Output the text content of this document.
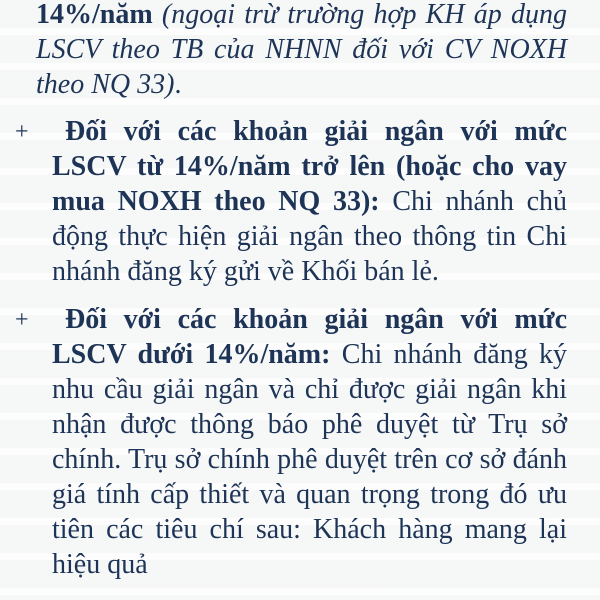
14%/năm (ngoại trừ trường hợp KH áp dụng LSCV theo TB của NHNN đối với CV NOXH theo NQ 33).

+	Đối với các khoản giải ngân với mức LSCV từ 14%/năm trở lên (hoặc cho vay mua NOXH theo NQ 33): Chi nhánh chủ động thực hiện giải ngân theo thông tin Chi nhánh đăng ký gửi về Khối bán lẻ.
+	Đối với các khoản giải ngân với mức LSCV dưới 14%/năm: Chi nhánh đăng ký nhu cầu giải ngân và chỉ được giải ngân khi nhận được thông báo phê duyệt từ Trụ sở chính. Trụ sở chính phê duyệt trên cơ sở đánh giá tính cấp thiết và quan trọng trong đó ưu tiên các tiêu chí sau: Khách hàng mang lại hiệu quả
